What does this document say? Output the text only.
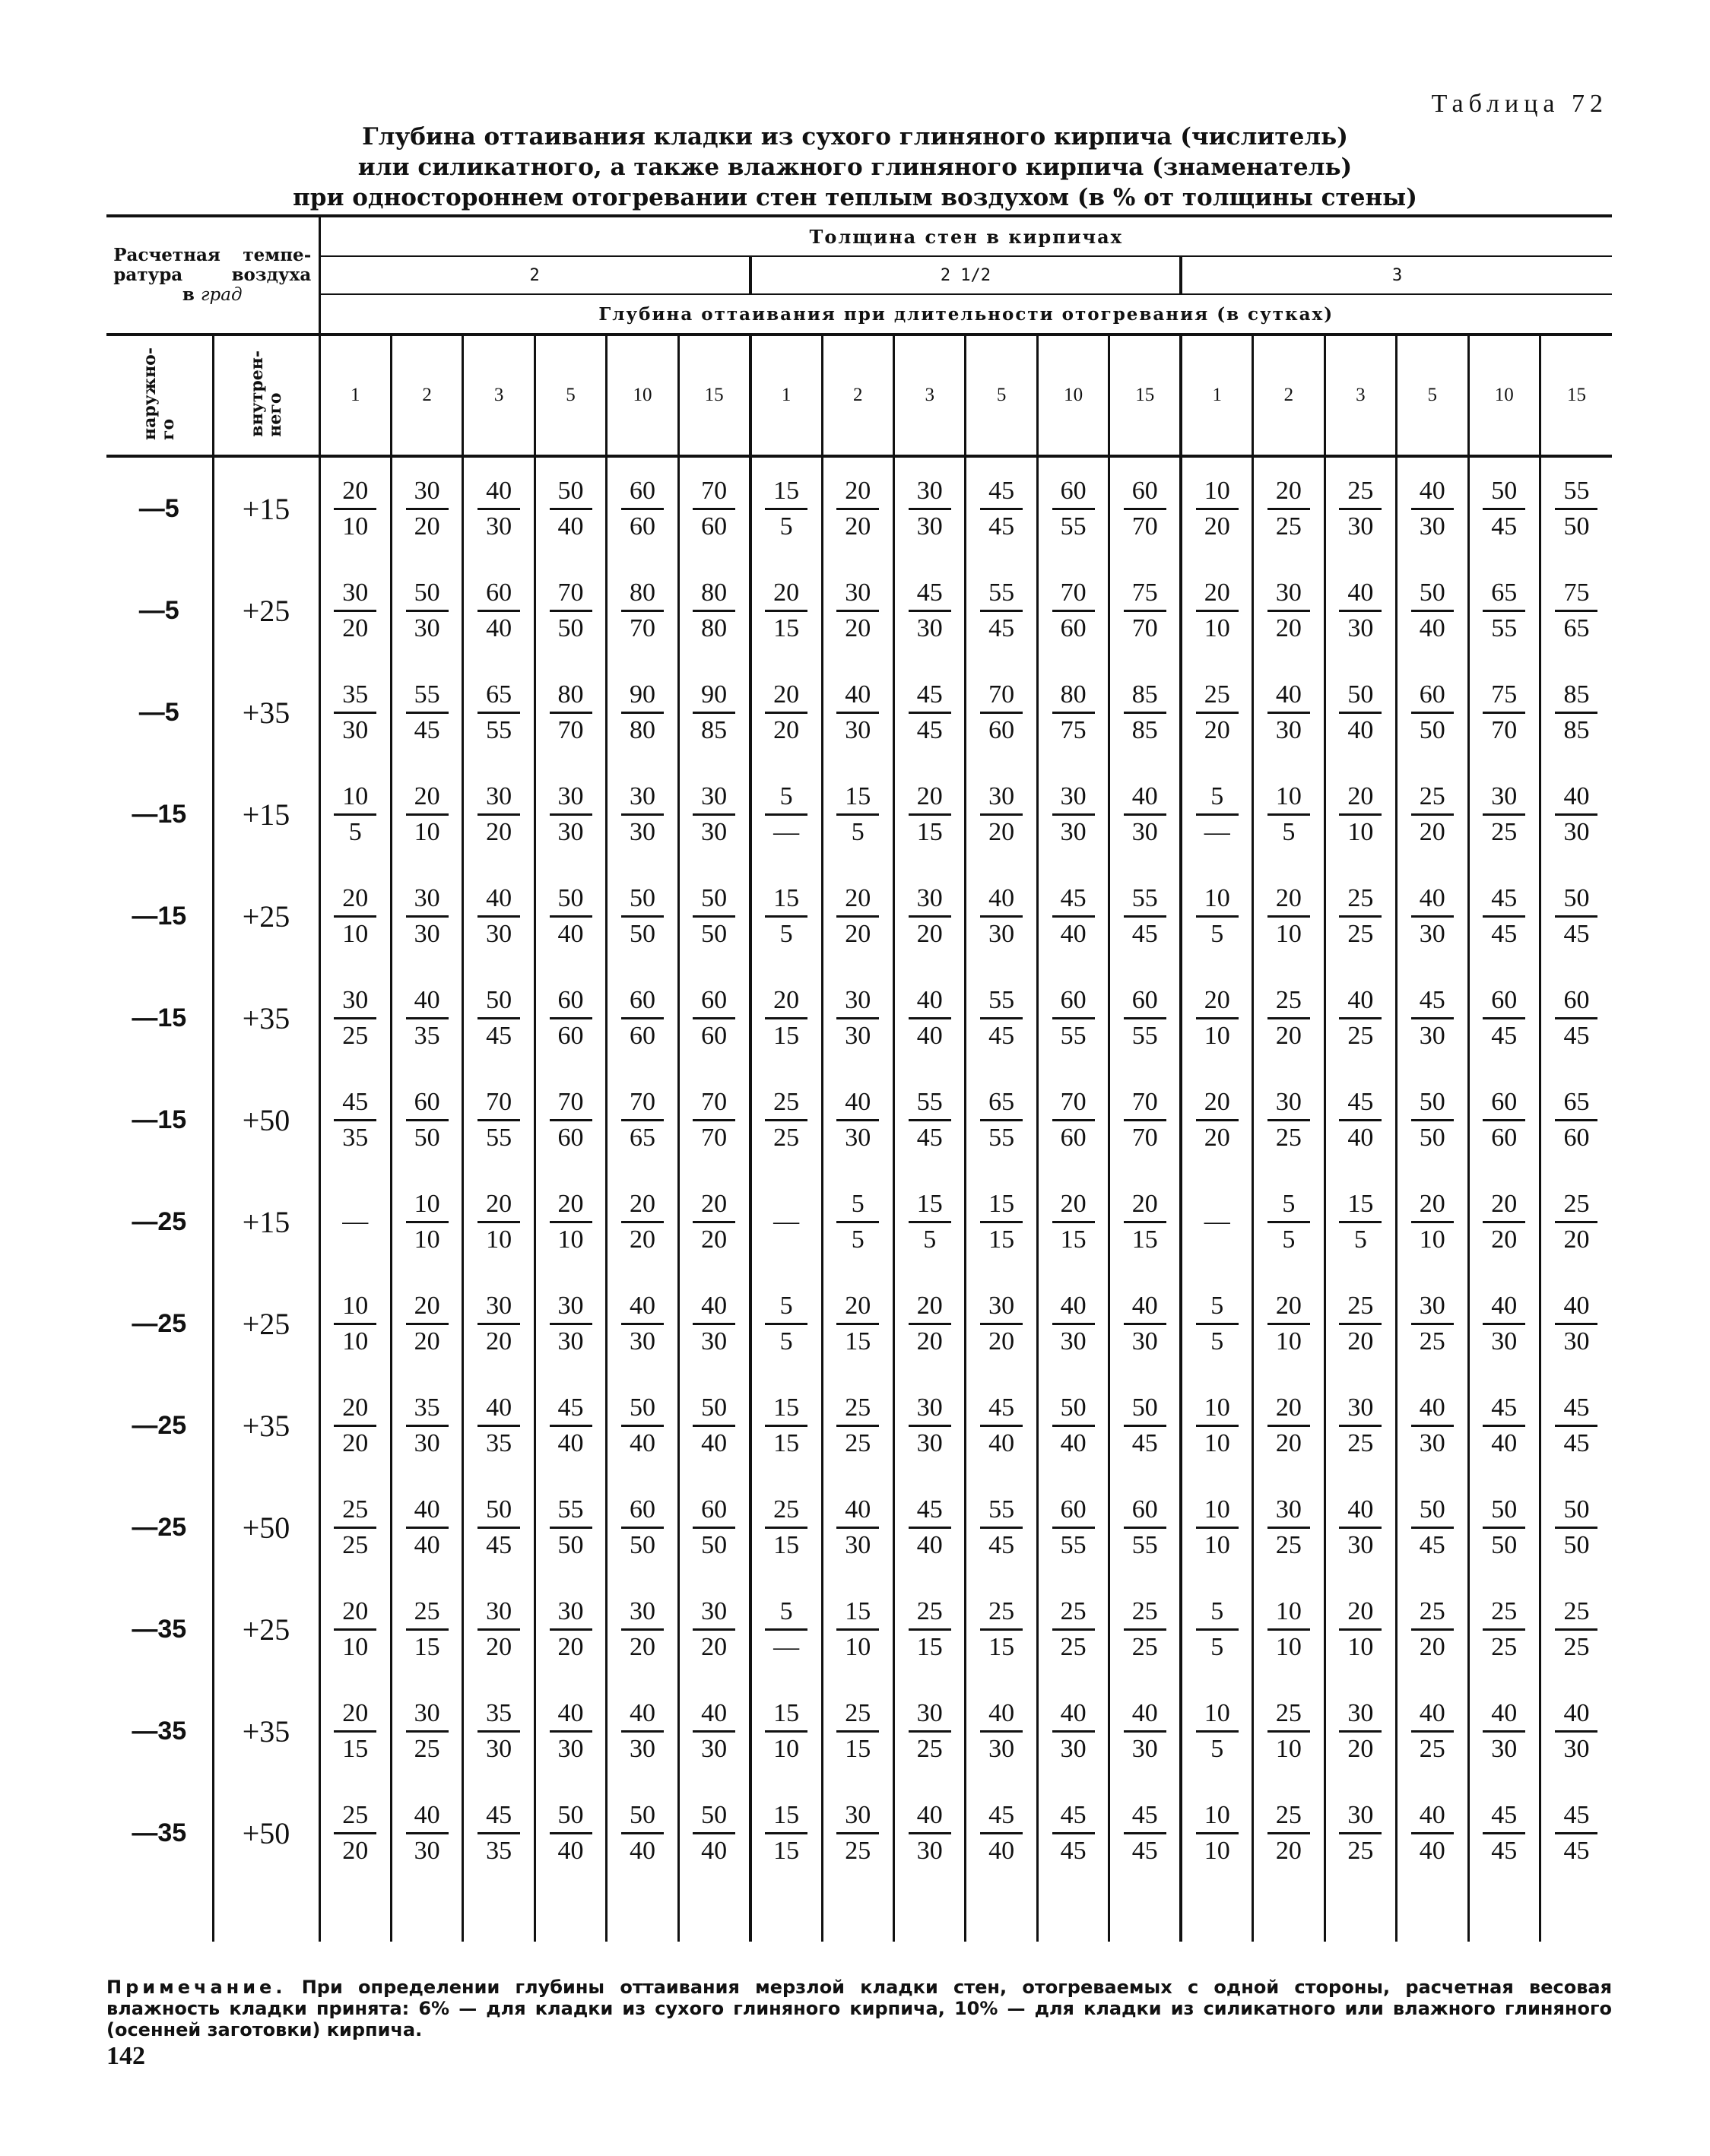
Таблица 72
Глубина оттаивания кладки из сухого глиняного кирпича (числитель)
или силикатного, а также влажного глиняного кирпича (знаменатель)
при одностороннем отогревании стен теплым воздухом (в % от толщины стены)
Расчетная темпе-
ратура воздуха
в град		Толщина стен в кирпичах																	
		2						2 1/2						3					
		Глубина оттаивания при длительности отогревания (в сутках)																	
наружно-
го	внутрен-
него	1	2	3	5	10	15	1	2	3	5	10	15	1	2	3	5	10	15
—5	+15	$\frac{20}{10}$	$\frac{30}{20}$	$\frac{40}{30}$	$\frac{50}{40}$	$\frac{60}{60}$	$\frac{70}{60}$	$\frac{15}{5}$	$\frac{20}{20}$	$\frac{30}{30}$	$\frac{45}{45}$	$\frac{60}{55}$	$\frac{60}{70}$	$\frac{10}{20}$	$\frac{20}{25}$	$\frac{25}{30}$	$\frac{40}{30}$	$\frac{50}{45}$	$\frac{55}{50}$

—5	+25	$\frac{30}{20}$	$\frac{50}{30}$	$\frac{60}{40}$	$\frac{70}{50}$	$\frac{80}{70}$	$\frac{80}{80}$	$\frac{20}{15}$	$\frac{30}{20}$	$\frac{45}{30}$	$\frac{55}{45}$	$\frac{70}{60}$	$\frac{75}{70}$	$\frac{20}{10}$	$\frac{30}{20}$	$\frac{40}{30}$	$\frac{50}{40}$	$\frac{65}{55}$	$\frac{75}{65}$

—5	+35	$\frac{35}{30}$	$\frac{55}{45}$	$\frac{65}{55}$	$\frac{80}{70}$	$\frac{90}{80}$	$\frac{90}{85}$	$\frac{20}{20}$	$\frac{40}{30}$	$\frac{45}{45}$	$\frac{70}{60}$	$\frac{80}{75}$	$\frac{85}{85}$	$\frac{25}{20}$	$\frac{40}{30}$	$\frac{50}{40}$	$\frac{60}{50}$	$\frac{75}{70}$	$\frac{85}{85}$

—15	+15	$\frac{10}{5}$	$\frac{20}{10}$	$\frac{30}{20}$	$\frac{30}{30}$	$\frac{30}{30}$	$\frac{30}{30}$	$\frac{5}{—}$	$\frac{15}{5}$	$\frac{20}{15}$	$\frac{30}{20}$	$\frac{30}{30}$	$\frac{40}{30}$	$\frac{5}{—}$	$\frac{10}{5}$	$\frac{20}{10}$	$\frac{25}{20}$	$\frac{30}{25}$	$\frac{40}{30}$

—15	+25	$\frac{20}{10}$	$\frac{30}{30}$	$\frac{40}{30}$	$\frac{50}{40}$	$\frac{50}{50}$	$\frac{50}{50}$	$\frac{15}{5}$	$\frac{20}{20}$	$\frac{30}{20}$	$\frac{40}{30}$	$\frac{45}{40}$	$\frac{55}{45}$	$\frac{10}{5}$	$\frac{20}{10}$	$\frac{25}{25}$	$\frac{40}{30}$	$\frac{45}{45}$	$\frac{50}{45}$

—15	+35	$\frac{30}{25}$	$\frac{40}{35}$	$\frac{50}{45}$	$\frac{60}{60}$	$\frac{60}{60}$	$\frac{60}{60}$	$\frac{20}{15}$	$\frac{30}{30}$	$\frac{40}{40}$	$\frac{55}{45}$	$\frac{60}{55}$	$\frac{60}{55}$	$\frac{20}{10}$	$\frac{25}{20}$	$\frac{40}{25}$	$\frac{45}{30}$	$\frac{60}{45}$	$\frac{60}{45}$

—15	+50	$\frac{45}{35}$	$\frac{60}{50}$	$\frac{70}{55}$	$\frac{70}{60}$	$\frac{70}{65}$	$\frac{70}{70}$	$\frac{25}{25}$	$\frac{40}{30}$	$\frac{55}{45}$	$\frac{65}{55}$	$\frac{70}{60}$	$\frac{70}{70}$	$\frac{20}{20}$	$\frac{30}{25}$	$\frac{45}{40}$	$\frac{50}{50}$	$\frac{60}{60}$	$\frac{65}{60}$

—25	+15	—	$\frac{10}{10}$	$\frac{20}{10}$	$\frac{20}{10}$	$\frac{20}{20}$	$\frac{20}{20}$	—	$\frac{5}{5}$	$\frac{15}{5}$	$\frac{15}{15}$	$\frac{20}{15}$	$\frac{20}{15}$	—	$\frac{5}{5}$	$\frac{15}{5}$	$\frac{20}{10}$	$\frac{20}{20}$	$\frac{25}{20}$

—25	+25	$\frac{10}{10}$	$\frac{20}{20}$	$\frac{30}{20}$	$\frac{30}{30}$	$\frac{40}{30}$	$\frac{40}{30}$	$\frac{5}{5}$	$\frac{20}{15}$	$\frac{20}{20}$	$\frac{30}{20}$	$\frac{40}{30}$	$\frac{40}{30}$	$\frac{5}{5}$	$\frac{20}{10}$	$\frac{25}{20}$	$\frac{30}{25}$	$\frac{40}{30}$	$\frac{40}{30}$

—25	+35	$\frac{20}{20}$	$\frac{35}{30}$	$\frac{40}{35}$	$\frac{45}{40}$	$\frac{50}{40}$	$\frac{50}{40}$	$\frac{15}{15}$	$\frac{25}{25}$	$\frac{30}{30}$	$\frac{45}{40}$	$\frac{50}{40}$	$\frac{50}{45}$	$\frac{10}{10}$	$\frac{20}{20}$	$\frac{30}{25}$	$\frac{40}{30}$	$\frac{45}{40}$	$\frac{45}{45}$

—25	+50	$\frac{25}{25}$	$\frac{40}{40}$	$\frac{50}{45}$	$\frac{55}{50}$	$\frac{60}{50}$	$\frac{60}{50}$	$\frac{25}{15}$	$\frac{40}{30}$	$\frac{45}{40}$	$\frac{55}{45}$	$\frac{60}{55}$	$\frac{60}{55}$	$\frac{10}{10}$	$\frac{30}{25}$	$\frac{40}{30}$	$\frac{50}{45}$	$\frac{50}{50}$	$\frac{50}{50}$

—35	+25	$\frac{20}{10}$	$\frac{25}{15}$	$\frac{30}{20}$	$\frac{30}{20}$	$\frac{30}{20}$	$\frac{30}{20}$	$\frac{5}{—}$	$\frac{15}{10}$	$\frac{25}{15}$	$\frac{25}{15}$	$\frac{25}{25}$	$\frac{25}{25}$	$\frac{5}{5}$	$\frac{10}{10}$	$\frac{20}{10}$	$\frac{25}{20}$	$\frac{25}{25}$	$\frac{25}{25}$

—35	+35	$\frac{20}{15}$	$\frac{30}{25}$	$\frac{35}{30}$	$\frac{40}{30}$	$\frac{40}{30}$	$\frac{40}{30}$	$\frac{15}{10}$	$\frac{25}{15}$	$\frac{30}{25}$	$\frac{40}{30}$	$\frac{40}{30}$	$\frac{40}{30}$	$\frac{10}{5}$	$\frac{25}{10}$	$\frac{30}{20}$	$\frac{40}{25}$	$\frac{40}{30}$	$\frac{40}{30}$

—35	+50	$\frac{25}{20}$	$\frac{40}{30}$	$\frac{45}{35}$	$\frac{50}{40}$	$\frac{50}{40}$	$\frac{50}{40}$	$\frac{15}{15}$	$\frac{30}{25}$	$\frac{40}{30}$	$\frac{45}{40}$	$\frac{45}{45}$	$\frac{45}{45}$	$\frac{10}{10}$	$\frac{25}{20}$	$\frac{30}{25}$	$\frac{40}{40}$	$\frac{45}{45}$	$\frac{45}{45}$

Примечание. При определении глубины оттаивания мерзлой кладки стен, отогреваемых с одной стороны, расчетная весовая влажность кладки принята: 6% — для кладки из сухого глиняного кирпича, 10% — для кладки из силикатного или влажного глиняного (осенней заготовки) кирпича.
142
